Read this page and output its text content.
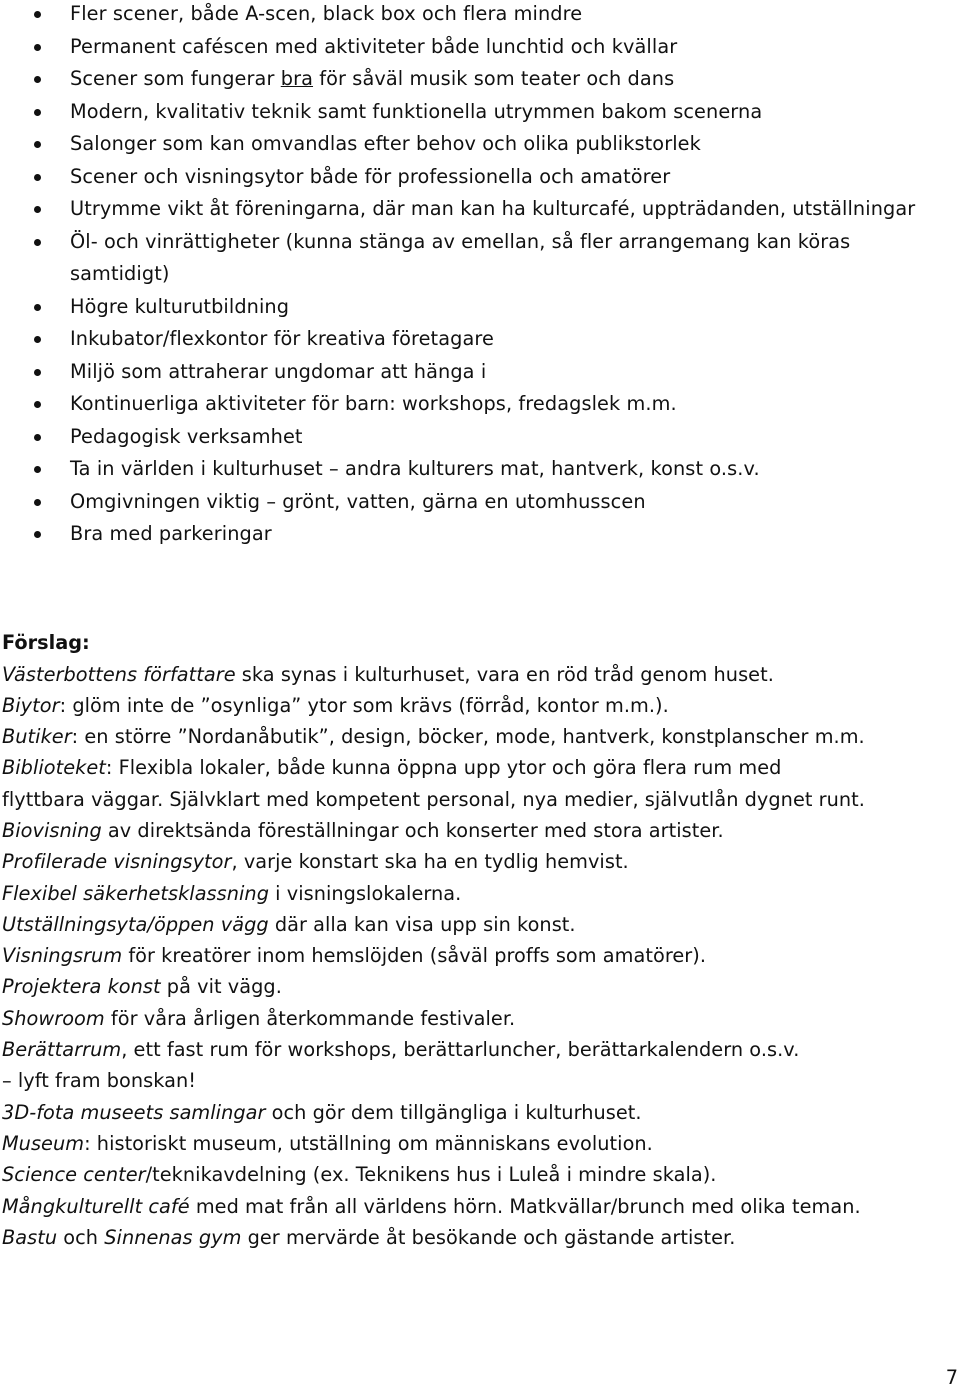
Fler scener, både A-scen, black box och flera mindre
Permanent caféscen med aktiviteter både lunchtid och kvällar
Scener som fungerar bra för såväl musik som teater och dans
Modern, kvalitativ teknik samt funktionella utrymmen bakom scenerna
Salonger som kan omvandlas efter behov och olika publikstorlek
Scener och visningsytor både för professionella och amatörer
Utrymme vikt åt föreningarna, där man kan ha kulturcafé, uppträdanden, utställningar
Öl- och vinrättigheter (kunna stänga av emellan, så fler arrangemang kan köras samtidigt)
Högre kulturutbildning
Inkubator/flexkontor för kreativa företagare
Miljö som attraherar ungdomar att hänga i
Kontinuerliga aktiviteter för barn: workshops, fredagslek m.m.
Pedagogisk verksamhet
Ta in världen i kulturhuset – andra kulturers mat, hantverk, konst o.s.v.
Omgivningen viktig – grönt, vatten, gärna en utomhusscen
Bra med parkeringar
Förslag:

Västerbottens författare ska synas i kulturhuset, vara en röd tråd genom huset.

Biytor: glöm inte de ”osynliga” ytor som krävs (förråd, kontor m.m.).

Butiker: en större ”Nordanåbutik”, design, böcker, mode, hantverk, konstplanscher m.m.

Biblioteket: Flexibla lokaler, både kunna öppna upp ytor och göra flera rum med

flyttbara väggar. Självklart med kompetent personal, nya medier, självutlån dygnet runt.

Biovisning av direktsända föreställningar och konserter med stora artister.

Profilerade visningsytor, varje konstart ska ha en tydlig hemvist.

Flexibel säkerhetsklassning i visningslokalerna.

Utställningsyta/öppen vägg där alla kan visa upp sin konst.

Visningsrum för kreatörer inom hemslöjden (såväl proffs som amatörer).

Projektera konst på vit vägg.

Showroom för våra årligen återkommande festivaler.

Berättarrum, ett fast rum för workshops, berättarluncher, berättarkalendern o.s.v.

– lyft fram bonskan!

3D-fota museets samlingar och gör dem tillgängliga i kulturhuset.

Museum: historiskt museum, utställning om människans evolution.

Science center/teknikavdelning (ex. Teknikens hus i Luleå i mindre skala).

Mångkulturellt café med mat från all världens hörn. Matkvällar/brunch med olika teman.

Bastu och Sinnenas gym ger mervärde åt besökande och gästande artister.

7
